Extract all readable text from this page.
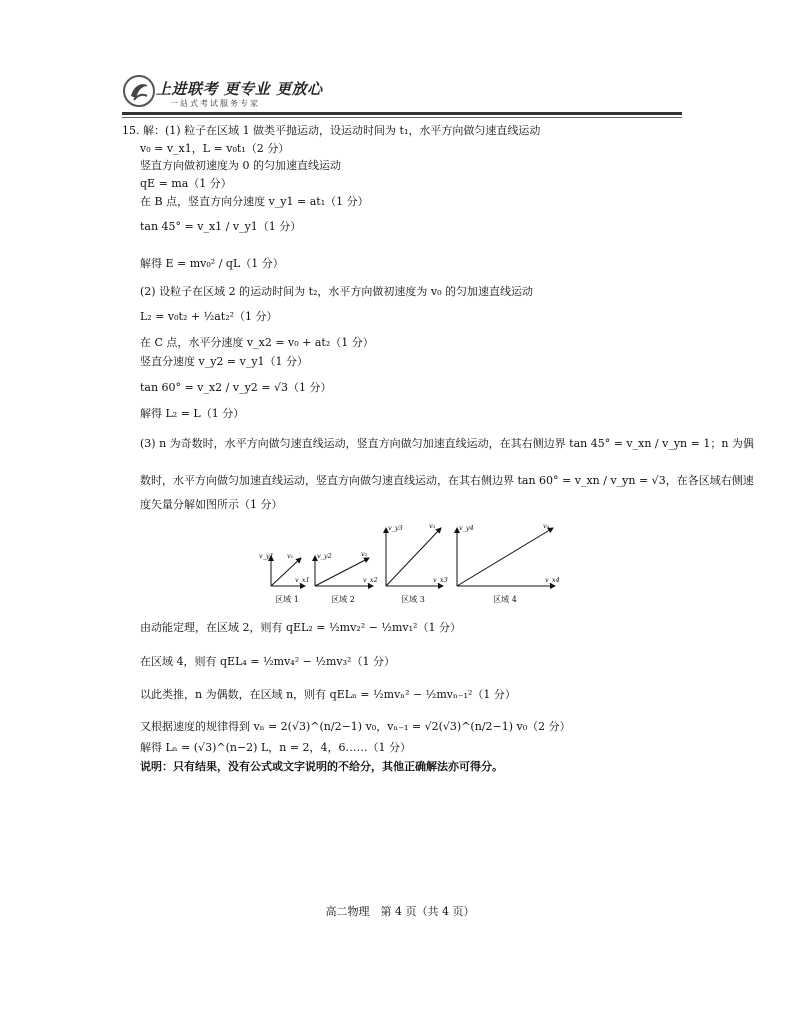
上进联考 更专业 更放心
一站式考试服务专家
15. 解：(1) 粒子在区域 1 做类平抛运动，设运动时间为 t₁，水平方向做匀速直线运动
v₀ = v_x1，L = v₀t₁（2 分）
竖直方向做初速度为 0 的匀加速直线运动
qE = ma（1 分）
在 B 点，竖直方向分速度 v_y1 = at₁（1 分）
tan 45° = v_x1 / v_y1（1 分）
解得 E = mv₀² / qL（1 分）
(2) 设粒子在区域 2 的运动时间为 t₂，水平方向做初速度为 v₀ 的匀加速直线运动
L₂ = v₀t₂ + ½at₂²（1 分）
在 C 点，水平分速度 v_x2 = v₀ + at₂（1 分）
竖直分速度 v_y2 = v_y1（1 分）
tan 60° = v_x2 / v_y2 = √3（1 分）
解得 L₂ = L（1 分）
(3) n 为奇数时，水平方向做匀速直线运动，竖直方向做匀加速直线运动，在其右侧边界 tan 45° = v_xn / v_yn = 1；n 为偶
数时，水平方向做匀加速直线运动，竖直方向做匀速直线运动，在其右侧边界 tan 60° = v_xn / v_yn = √3，在各区域右侧速
度矢量分解如图所示（1 分）
v_y1 v₁
v_x1
v_y2	v₂
v_x2
v_y3	v₃
v_x3
v_y4	v₄
v_x4
区域 1	区域 2	区域 3	区域 4
由动能定理，在区域 2，则有 qEL₂ = ½mv₂² − ½mv₁²（1 分）
在区域 4，则有 qEL₄ = ½mv₄² − ½mv₃²（1 分）
以此类推，n 为偶数，在区域 n，则有 qELₙ = ½mvₙ² − ½mvₙ₋₁²（1 分）
又根据速度的规律得到 vₙ = 2(√3)^(n/2−1) v₀，vₙ₋₁ = √2(√3)^(n/2−1) v₀（2 分）
解得 Lₙ = (√3)^(n−2) L，n = 2，4，6……（1 分）
说明：只有结果，没有公式或文字说明的不给分，其他正确解法亦可得分。
高二物理　第 4 页（共 4 页）
